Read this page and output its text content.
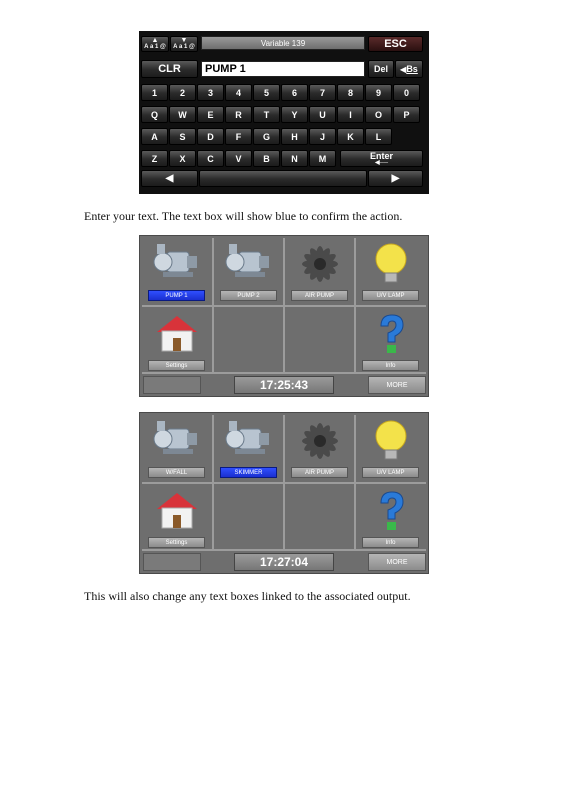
▲
A a 1 @
▼
A a 1 @	Variable 139	ESC
CLR	PUMP 1	Del	◀ Bs
1	2	3	4	5	6	7	8	9	0
Q	W	E	R	T	Y	U	I	O	P
A	S	D	F	G	H	J	K	L
Z	X	C	V	B	N	M	Enter
◀──
◀	▶
Enter your text. The text box will show blue to confirm the action.
PUMP 1	PUMP 2	AIR PUMP	U/V LAMP
Settings	Info
17:25:43	MORE
W/FALL	SKIMMER	AIR PUMP	U/V LAMP
Settings	Info
17:27:04	MORE
This will also change any text boxes linked to the associated output.
